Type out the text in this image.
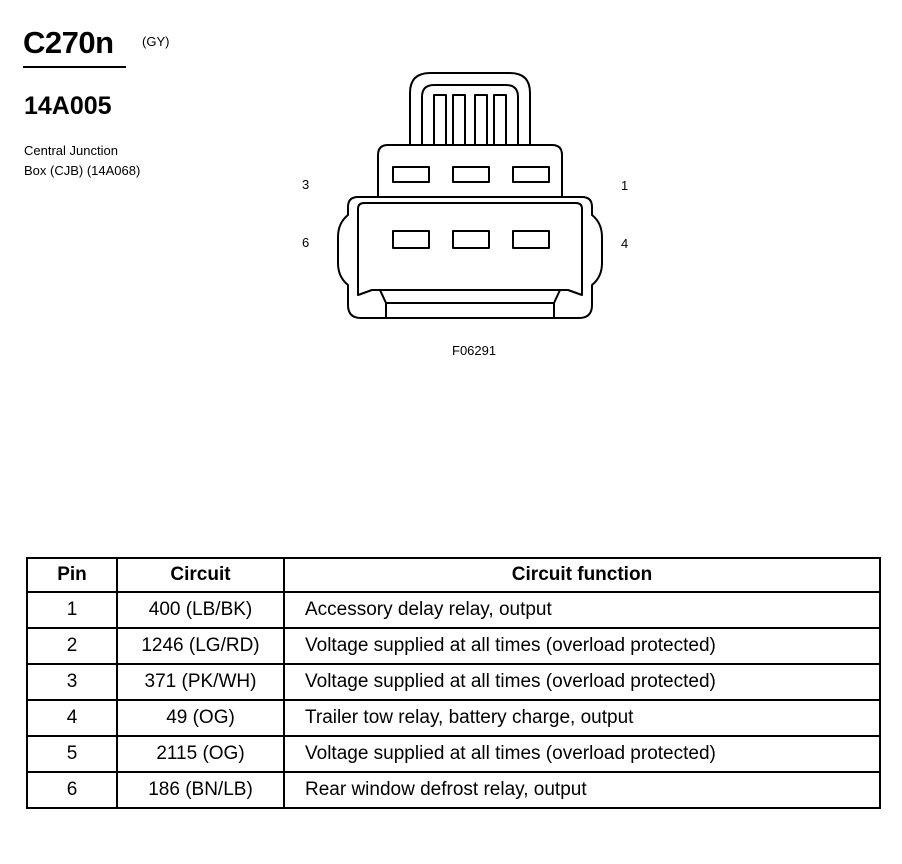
C270n (GY)
14A005
Central Junction
Box (CJB) (14A068)
3	1
6	4
F06291
Pin	Circuit	Circuit function
1	400 (LB/BK)	Accessory delay relay, output
2	1246 (LG/RD)	Voltage supplied at all times (overload protected)
3	371 (PK/WH)	Voltage supplied at all times (overload protected)
4	49 (OG)	Trailer tow relay, battery charge, output
5	2115 (OG)	Voltage supplied at all times (overload protected)
6	186 (BN/LB)	Rear window defrost relay, output
